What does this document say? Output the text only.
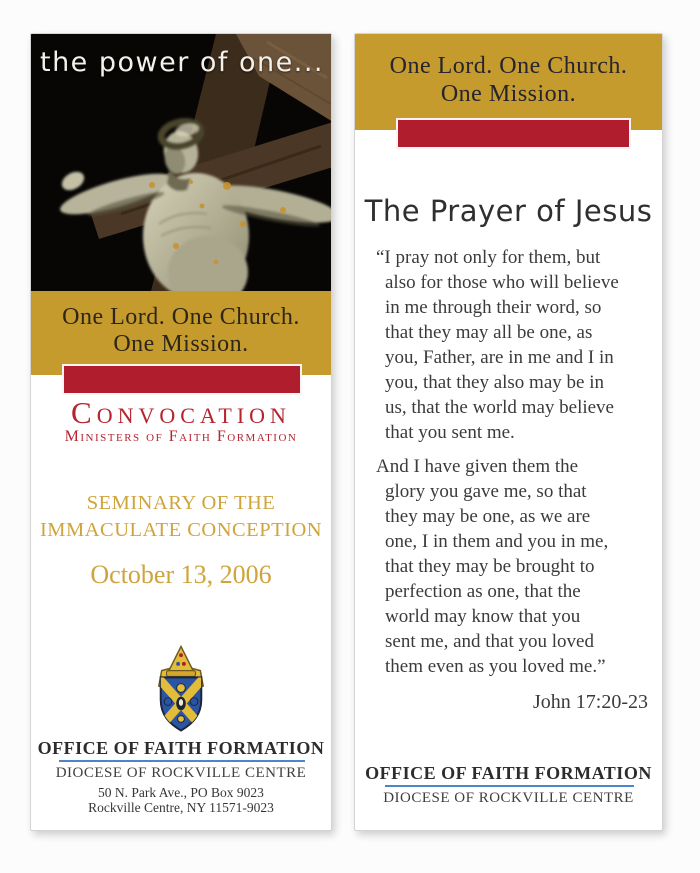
the power of one...
One Lord. One Church.
One Mission.
Convocation
Ministers of Faith Formation
SEMINARY OF THE
IMMACULATE CONCEPTION
October 13, 2006
OFFICE OF FAITH FORMATION
DIOCESE OF ROCKVILLE CENTRE
50 N. Park Ave., PO Box 9023
Rockville Centre, NY 11571-9023
One Lord. One Church.
One Mission.
The Prayer of Jesus
“I pray not only for them, but
also for those who will believe
in me through their word, so
that they may all be one, as
you, Father, are in me and I in
you, that they also may be in
us, that the world may believe
that you sent me.
And I have given them the
glory you gave me, so that
they may be one, as we are
one, I in them and you in me,
that they may be brought to
perfection as one, that the
world may know that you
sent me, and that you loved
them even as you loved me.”
John 17:20-23
OFFICE OF FAITH FORMATION
DIOCESE OF ROCKVILLE CENTRE
